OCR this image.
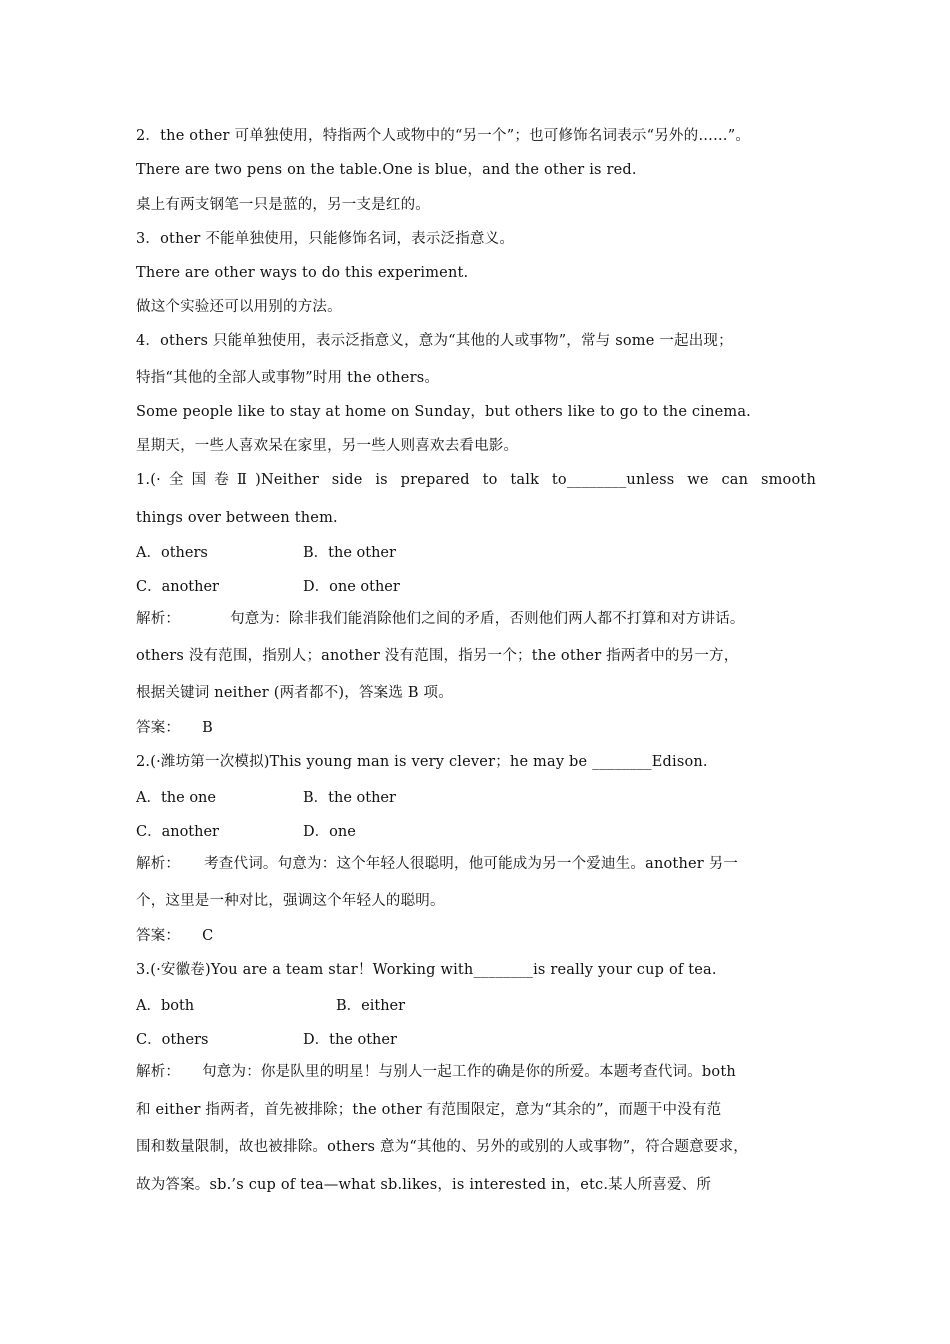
2．the other 可单独使用，特指两个人或物中的“另一个”；也可修饰名词表示“另外的……”。
There are two pens on the table.One is blue，and the other is red.
桌上有两支钢笔一只是蓝的，另一支是红的。
3．other 不能单独使用，只能修饰名词，表示泛指意义。
There are other ways to do this experiment.
做这个实验还可以用别的方法。
4．others 只能单独使用，表示泛指意义，意为“其他的人或事物”，常与 some 一起出现；
特指“其他的全部人或事物”时用 the others。
Some people like to stay at home on Sunday，but others like to go to the cinema.
星期天，一些人喜欢呆在家里，另一些人则喜欢去看电影。
1.(·全国卷Ⅱ)Neither side is prepared to talk to________unless we can smooth
things over between them.
A．others	B．the other
C．another	D．one other
解析：	句意为：除非我们能消除他们之间的矛盾，否则他们两人都不打算和对方讲话。
others 没有范围，指别人；another 没有范围，指另一个；the other 指两者中的另一方，
根据关键词 neither (两者都不)，答案选 B 项。
答案： B
2.(·潍坊第一次模拟)This young man is very clever；he may be ________Edison.
A．the one	B．the other
C．another	D．one
解析： 考查代词。句意为：这个年轻人很聪明，他可能成为另一个爱迪生。another 另一
个，这里是一种对比，强调这个年轻人的聪明。
答案： C
3.(·安徽卷)You are a team star！Working with________is really your cup of tea.
A．both	B．either
C．others	D．the other
解析： 句意为：你是队里的明星！与别人一起工作的确是你的所爱。本题考查代词。both
和 either 指两者，首先被排除；the other 有范围限定，意为“其余的”，而题干中没有范
围和数量限制，故也被排除。others 意为“其他的、另外的或别的人或事物”，符合题意要求，
故为答案。sb.’s cup of tea—what sb.likes，is interested in，etc.某人所喜爱、所
